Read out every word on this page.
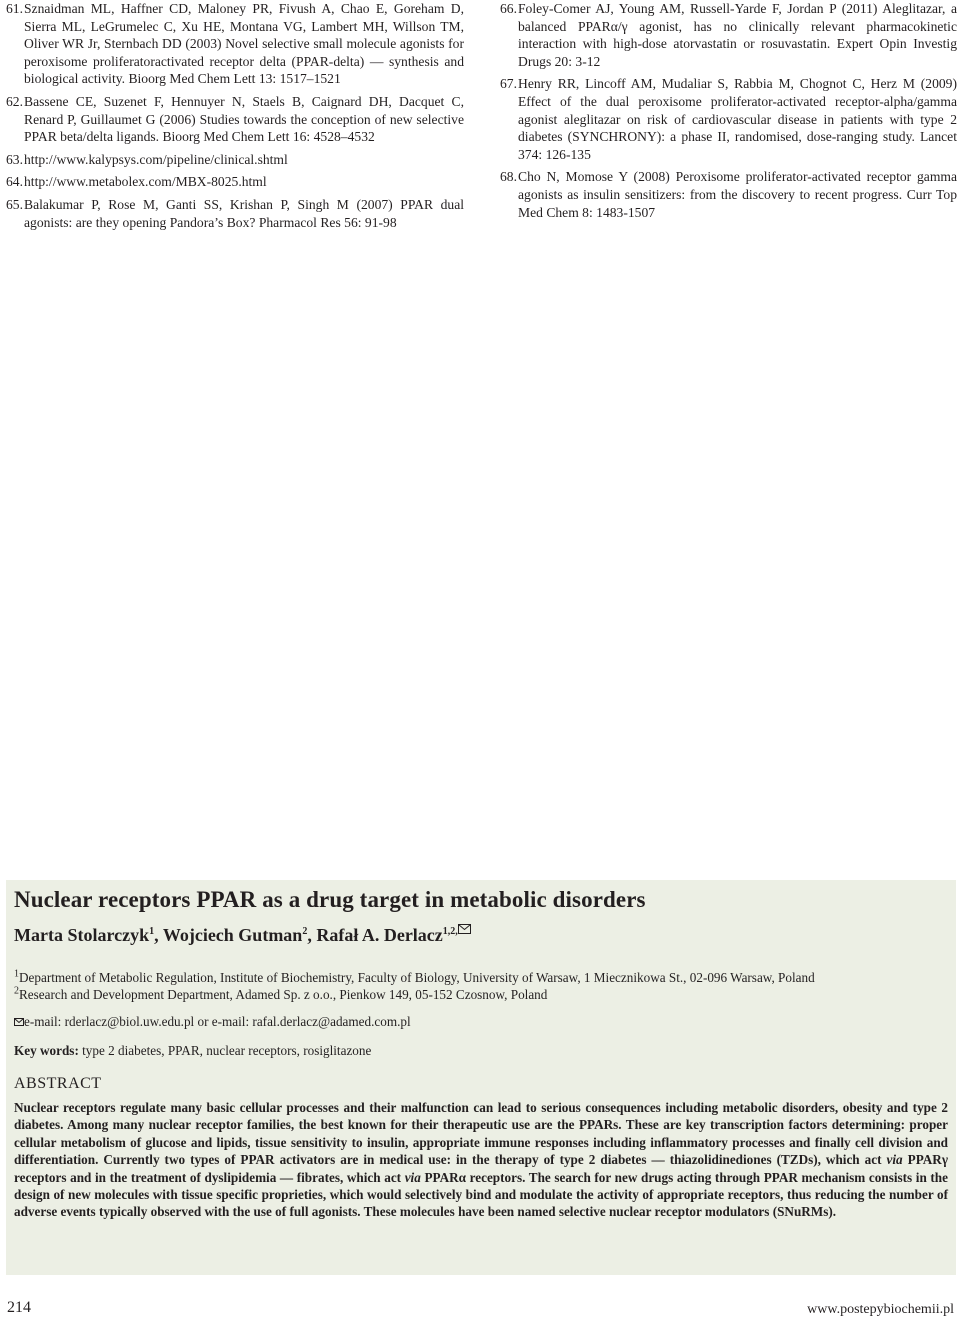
61. Sznaidman ML, Haffner CD, Maloney PR, Fivush A, Chao E, Goreham D, Sierra ML, LeGrumelec C, Xu HE, Montana VG, Lambert MH, Willson TM, Oliver WR Jr, Sternbach DD (2003) Novel selective small molecule agonists for peroxisome proliferatoractivated receptor delta (PPAR-delta) — synthesis and biological activity. Bioorg Med Chem Lett 13: 1517–1521
62. Bassene CE, Suzenet F, Hennuyer N, Staels B, Caignard DH, Dacquet C, Renard P, Guillaumet G (2006) Studies towards the conception of new selective PPAR beta/delta ligands. Bioorg Med Chem Lett 16: 4528–4532
63. http://www.kalypsys.com/pipeline/clinical.shtml
64. http://www.metabolex.com/MBX-8025.html
65. Balakumar P, Rose M, Ganti SS, Krishan P, Singh M (2007) PPAR dual agonists: are they opening Pandora’s Box? Pharmacol Res 56: 91-98
66. Foley-Comer AJ, Young AM, Russell-Yarde F, Jordan P (2011) Aleglitazar, a balanced PPARα/γ agonist, has no clinically relevant pharmacokinetic interaction with high-dose atorvastatin or rosuvastatin. Expert Opin Investig Drugs 20: 3-12
67. Henry RR, Lincoff AM, Mudaliar S, Rabbia M, Chognot C, Herz M (2009) Effect of the dual peroxisome proliferator-activated receptor-alpha/gamma agonist aleglitazar on risk of cardiovascular disease in patients with type 2 diabetes (SYNCHRONY): a phase II, randomised, dose-ranging study. Lancet 374: 126-135
68. Cho N, Momose Y (2008) Peroxisome proliferator-activated receptor gamma agonists as insulin sensitizers: from the discovery to recent progress. Curr Top Med Chem 8: 1483-1507
Nuclear receptors PPAR as a drug target in metabolic disorders
Marta Stolarczyk$^1$, Wojciech Gutman$^2$, Rafał A. Derlacz$^{1,2,}$
$^1$Department of Metabolic Regulation, Institute of Biochemistry, Faculty of Biology, University of Warsaw, 1 Miecznikowa St., 02-096 Warsaw, Poland
$^2$Research and Development Department, Adamed Sp. z o.o., Pienkow 149, 05-152 Czosnow, Poland
e-mail: rderlacz@biol.uw.edu.pl or e-mail: rafal.derlacz@adamed.com.pl
Key words: type 2 diabetes, PPAR, nuclear receptors, rosiglitazone
ABSTRACT
Nuclear receptors regulate many basic cellular processes and their malfunction can lead to serious consequences including metabolic disorders, obesity and type 2 diabetes. Among many nuclear receptor families, the best known for their therapeutic use are the PPARs. These are key transcription factors determining: proper cellular metabolism of glucose and lipids, tissue sensitivity to insulin, appropriate immune responses including inflammatory processes and finally cell division and differentiation. Currently two types of PPAR activators are in medical use: in the therapy of type 2 diabetes — thiazolidinediones (TZDs), which act via PPARγ receptors and in the treatment of dyslipidemia — fibrates, which act via PPARα receptors. The search for new drugs acting through PPAR mechanism consists in the design of new molecules with tissue specific proprieties, which would selectively bind and modulate the activity of appropriate receptors, thus reducing the number of adverse events typically observed with the use of full agonists. These molecules have been named selective nuclear receptor modulators (SNuRMs).
214	www.postepybiochemii.pl
